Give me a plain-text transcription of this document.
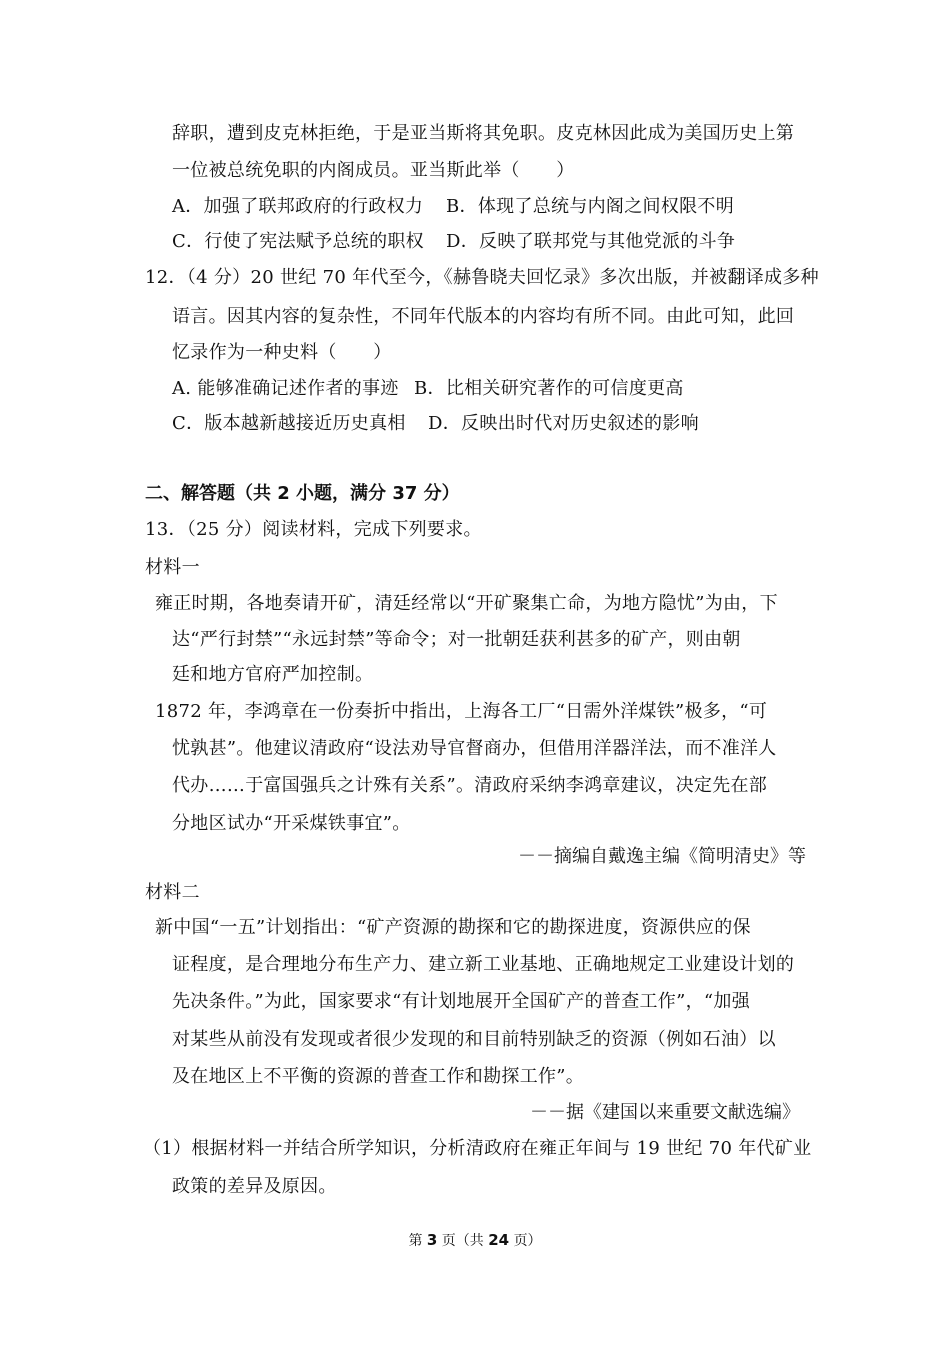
辞职，遭到皮克林拒绝，于是亚当斯将其免职。皮克林因此成为美国历史上第
一位被总统免职的内阁成员。亚当斯此举（　　）
A．加强了联邦政府的行政权力 B．体现了总统与内阁之间权限不明
C．行使了宪法赋予总统的职权 D．反映了联邦党与其他党派的斗争
12．（4 分）20 世纪 70 年代至今，《赫鲁晓夫回忆录》多次出版，并被翻译成多种
语言。因其内容的复杂性，不同年代版本的内容均有所不同。由此可知，此回
忆录作为一种史料（　　）
A. 能够准确记述作者的事迹 B．比相关研究著作的可信度更高
C．版本越新越接近历史真相 D．反映出时代对历史叙述的影响
二、解答题（共 2 小题，满分 37 分）
13．（25 分）阅读材料，完成下列要求。
材料一
雍正时期，各地奏请开矿，清廷经常以“开矿聚集亡命，为地方隐忧”为由，下
达“严行封禁”“永远封禁”等命令；对一批朝廷获利甚多的矿产，则由朝
廷和地方官府严加控制。
1872 年，李鸿章在一份奏折中指出，上海各工厂“日需外洋煤铁”极多，“可
忧孰甚”。他建议清政府“设法劝导官督商办，但借用洋器洋法，而不准洋人
代办……于富国强兵之计殊有关系”。清政府采纳李鸿章建议，决定先在部
分地区试办“开采煤铁事宜”。
－－摘编自戴逸主编《简明清史》等
材料二
新中国“一五”计划指出：“矿产资源的勘探和它的勘探进度，资源供应的保
证程度，是合理地分布生产力、建立新工业基地、正确地规定工业建设计划的
先决条件。”为此，国家要求“有计划地展开全国矿产的普查工作”，“加强
对某些从前没有发现或者很少发现的和目前特别缺乏的资源（例如石油）以
及在地区上不平衡的资源的普查工作和勘探工作”。
－－据《建国以来重要文献选编》
（1）根据材料一并结合所学知识，分析清政府在雍正年间与 19 世纪 70 年代矿业
政策的差异及原因。
第 3 页（共 24 页）
